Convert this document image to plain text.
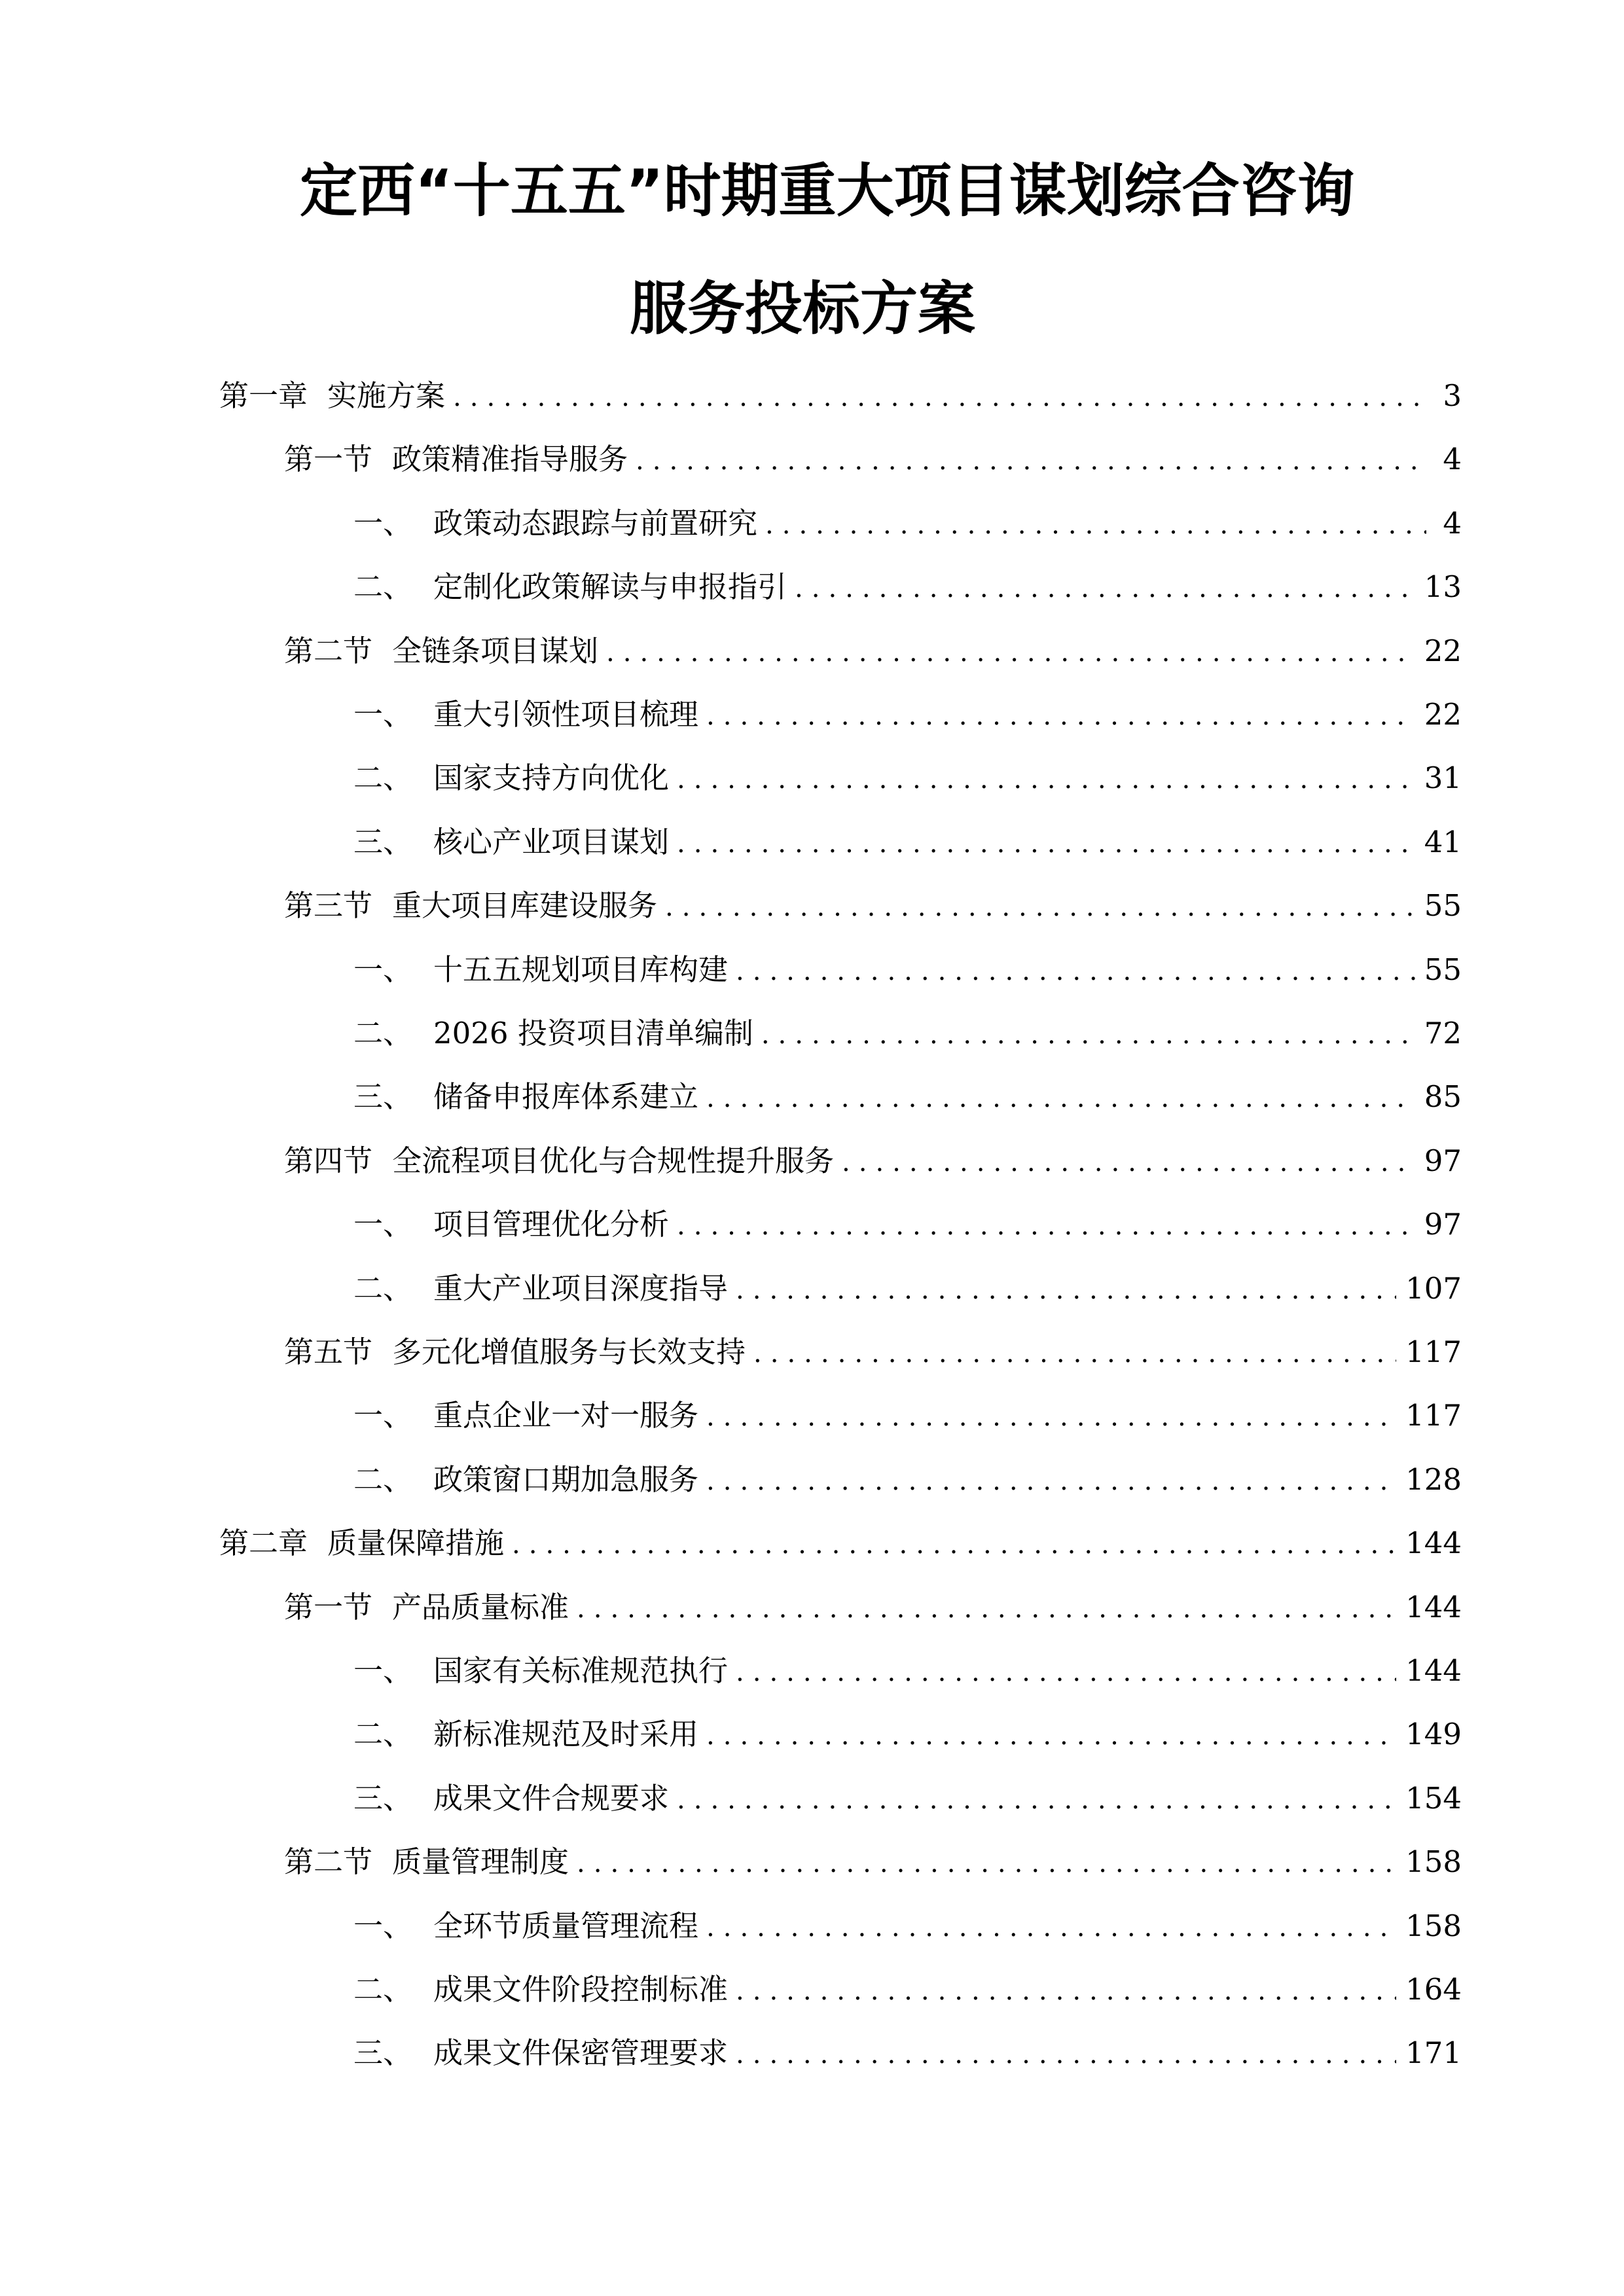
定西“十五五”时期重大项目谋划综合咨询
服务投标方案
第一章 实施方案 .....	3
第一节 政策精准指导服务 .....	4
一、 政策动态跟踪与前置研究 .....	4
二、 定制化政策解读与申报指引 .....	13
第二节 全链条项目谋划 .....	22
一、 重大引领性项目梳理 .....	22
二、 国家支持方向优化 .....	31
三、 核心产业项目谋划 .....	41
第三节 重大项目库建设服务 .....	55
一、 十五五规划项目库构建 .....	55
二、 2026 投资项目清单编制 .....	72
三、 储备申报库体系建立 .....	85
第四节 全流程项目优化与合规性提升服务 .....	97
一、 项目管理优化分析 .....	97
二、 重大产业项目深度指导 .....	107
第五节 多元化增值服务与长效支持 .....	117
一、 重点企业一对一服务 .....	117
二、 政策窗口期加急服务 .....	128
第二章 质量保障措施 .....	144
第一节 产品质量标准 .....	144
一、 国家有关标准规范执行 .....	144
二、 新标准规范及时采用 .....	149
三、 成果文件合规要求 .....	154
第二节 质量管理制度 .....	158
一、 全环节质量管理流程 .....	158
二、 成果文件阶段控制标准 .....	164
三、 成果文件保密管理要求 .....	171
